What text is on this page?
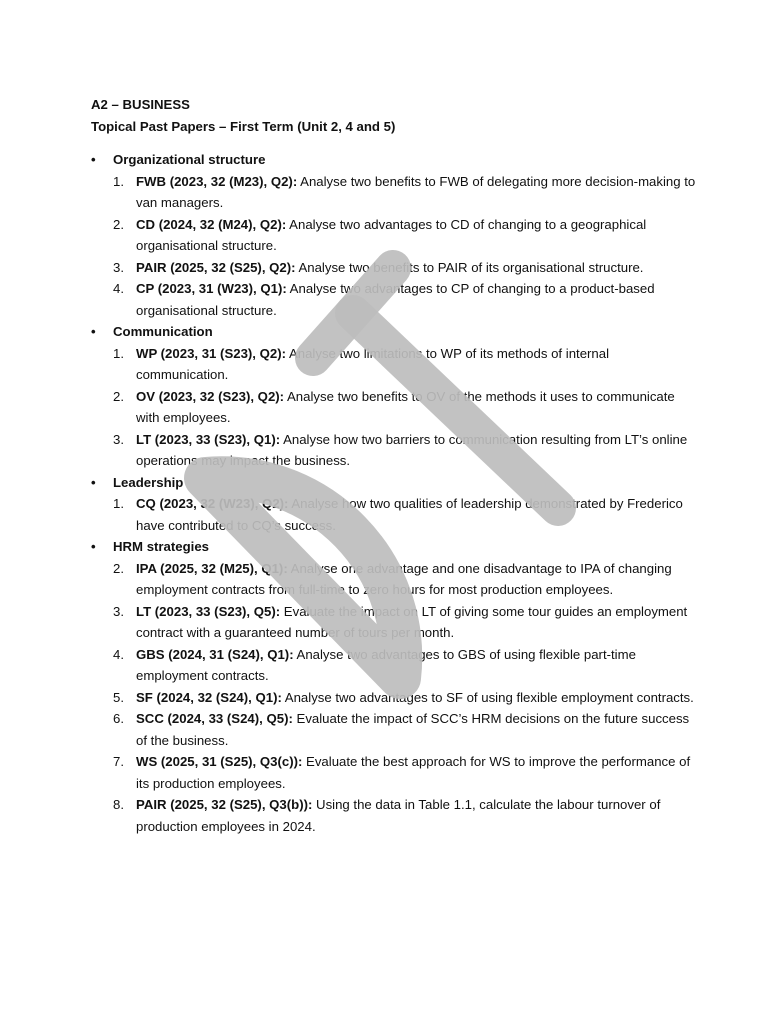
A2 – BUSINESS
Topical Past Papers – First Term (Unit 2, 4 and 5)
• Organizational structure
1. FWB (2023, 32 (M23), Q2): Analyse two benefits to FWB of delegating more decision-making to van managers.
2. CD (2024, 32 (M24), Q2): Analyse two advantages to CD of changing to a geographical organisational structure.
3. PAIR (2025, 32 (S25), Q2): Analyse two benefits to PAIR of its organisational structure.
4. CP (2023, 31 (W23), Q1): Analyse two advantages to CP of changing to a product-based organisational structure.
• Communication
1. WP (2023, 31 (S23), Q2): Analyse two limitations to WP of its methods of internal communication.
2. OV (2023, 32 (S23), Q2): Analyse two benefits to OV of the methods it uses to communicate with employees.
3. LT (2023, 33 (S23), Q1): Analyse how two barriers to communication resulting from LT’s online operations may impact the business.
• Leadership
1. CQ (2023, 32 (W23), Q2): Analyse how two qualities of leadership demonstrated by Frederico have contributed to CQ’s success.
• HRM strategies
2. IPA (2025, 32 (M25), Q1): Analyse one advantage and one disadvantage to IPA of changing employment contracts from full-time to zero hours for most production employees.
3. LT (2023, 33 (S23), Q5): Evaluate the impact on LT of giving some tour guides an employment contract with a guaranteed number of tours per month.
4. GBS (2024, 31 (S24), Q1): Analyse two advantages to GBS of using flexible part-time employment contracts.
5. SF (2024, 32 (S24), Q1): Analyse two advantages to SF of using flexible employment contracts.
6. SCC (2024, 33 (S24), Q5): Evaluate the impact of SCC’s HRM decisions on the future success of the business.
7. WS (2025, 31 (S25), Q3(c)): Evaluate the best approach for WS to improve the performance of its production employees.
8. PAIR (2025, 32 (S25), Q3(b)): Using the data in Table 1.1, calculate the labour turnover of production employees in 2024.
